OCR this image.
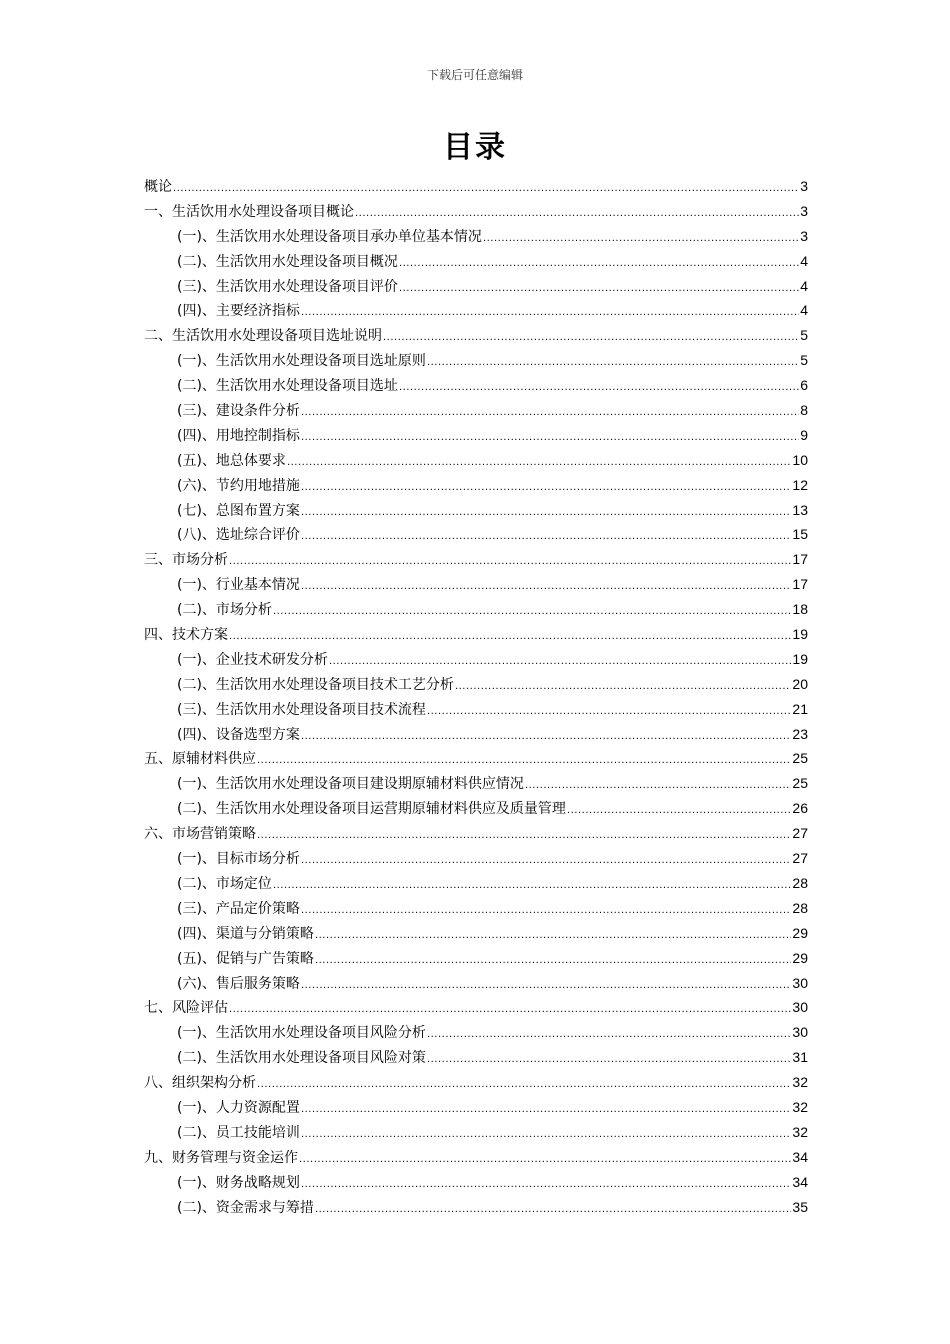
下载后可任意编辑
目录
概论 .....	3
一、生活饮用水处理设备项目概论 .....	3
(一)、生活饮用水处理设备项目承办单位基本情况 .....	3
(二)、生活饮用水处理设备项目概况 .....	4
(三)、生活饮用水处理设备项目评价 .....	4
(四)、主要经济指标 .....	4
二、生活饮用水处理设备项目选址说明 .....	5
(一)、生活饮用水处理设备项目选址原则 .....	5
(二)、生活饮用水处理设备项目选址 .....	6
(三)、建设条件分析 .....	8
(四)、用地控制指标 .....	9
(五)、地总体要求 .....	10
(六)、节约用地措施 .....	12
(七)、总图布置方案 .....	13
(八)、选址综合评价 .....	15
三、市场分析 .....	17
(一)、行业基本情况 .....	17
(二)、市场分析 .....	18
四、技术方案 .....	19
(一)、企业技术研发分析 .....	19
(二)、生活饮用水处理设备项目技术工艺分析 .....	20
(三)、生活饮用水处理设备项目技术流程 .....	21
(四)、设备选型方案 .....	23
五、原辅材料供应 .....	25
(一)、生活饮用水处理设备项目建设期原辅材料供应情况 .....	25
(二)、生活饮用水处理设备项目运营期原辅材料供应及质量管理 .....	26
六、市场营销策略 .....	27
(一)、目标市场分析 .....	27
(二)、市场定位 .....	28
(三)、产品定价策略 .....	28
(四)、渠道与分销策略 .....	29
(五)、促销与广告策略 .....	29
(六)、售后服务策略 .....	30
七、风险评估 .....	30
(一)、生活饮用水处理设备项目风险分析 .....	30
(二)、生活饮用水处理设备项目风险对策 .....	31
八、组织架构分析 .....	32
(一)、人力资源配置 .....	32
(二)、员工技能培训 .....	32
九、财务管理与资金运作 .....	34
(一)、财务战略规划 .....	34
(二)、资金需求与筹措 .....	35
